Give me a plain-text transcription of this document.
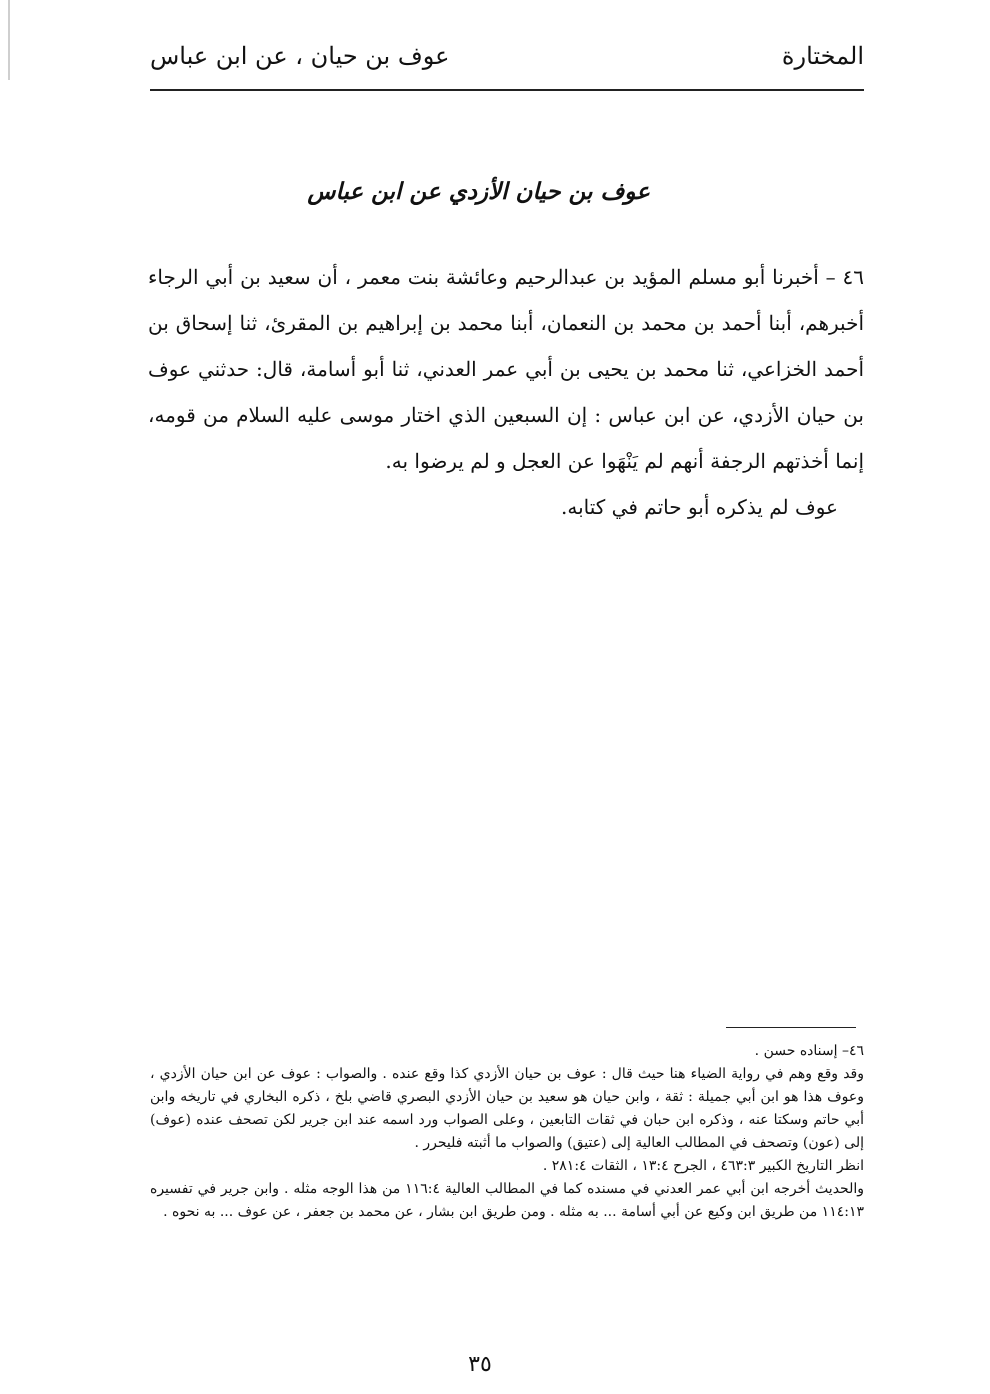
المختارة
عوف بن حيان ، عن ابن عباس
عوف بن حيان الأزدي عن ابن عباس

٤٦ – أخبرنا أبو مسلم المؤيد بن عبدالرحيم وعائشة بنت معمر ، أن سعيد بن أبي الرجاء أخبرهم، أبنا أحمد بن محمد بن النعمان، أبنا محمد بن إبراهيم بن المقرئ، ثنا إسحاق بن أحمد الخزاعي، ثنا محمد بن يحيى بن أبي عمر العدني، ثنا أبو أسامة، قال: حدثني عوف بن حيان الأزدي، عن ابن عباس : إن السبعين الذي اختار موسى عليه السلام من قومه، إنما أخذتهم الرجفة أنهم لم يَنْهَوا عن العجل و لم يرضوا به.

عوف لم يذكره أبو حاتم في كتابه.

٤٦– إسناده حسن .

وقد وقع وهم في رواية الضياء هنا حيث قال : عوف بن حيان الأزدي كذا وقع عنده . والصواب : عوف عن ابن حيان الأزدي ، وعوف هذا هو ابن أبي جميلة : ثقة ، وابن حيان هو سعيد بن حيان الأزدي البصري قاضي بلخ ، ذكره البخاري في تاريخه وابن أبي حاتم وسكتا عنه ، وذكره ابن حبان في ثقات التابعين ، وعلى الصواب ورد اسمه عند ابن جرير لكن تصحف عنده (عوف) إلى (عون) وتصحف في المطالب العالية إلى (عتيق) والصواب ما أثبته فليحرر .

انظر التاريخ الكبير ٤٦٣:٣ ، الجرح ١٣:٤ ، الثقات ٢٨١:٤ .

والحديث أخرجه ابن أبي عمر العدني في مسنده كما في المطالب العالية ١١٦:٤ من هذا الوجه مثله . وابن جرير في تفسيره ١١٤:١٣ من طريق ابن وكيع عن أبي أسامة ... به مثله . ومن طريق ابن بشار ، عن محمد بن جعفر ، عن عوف ... به نحوه .

٣٥
